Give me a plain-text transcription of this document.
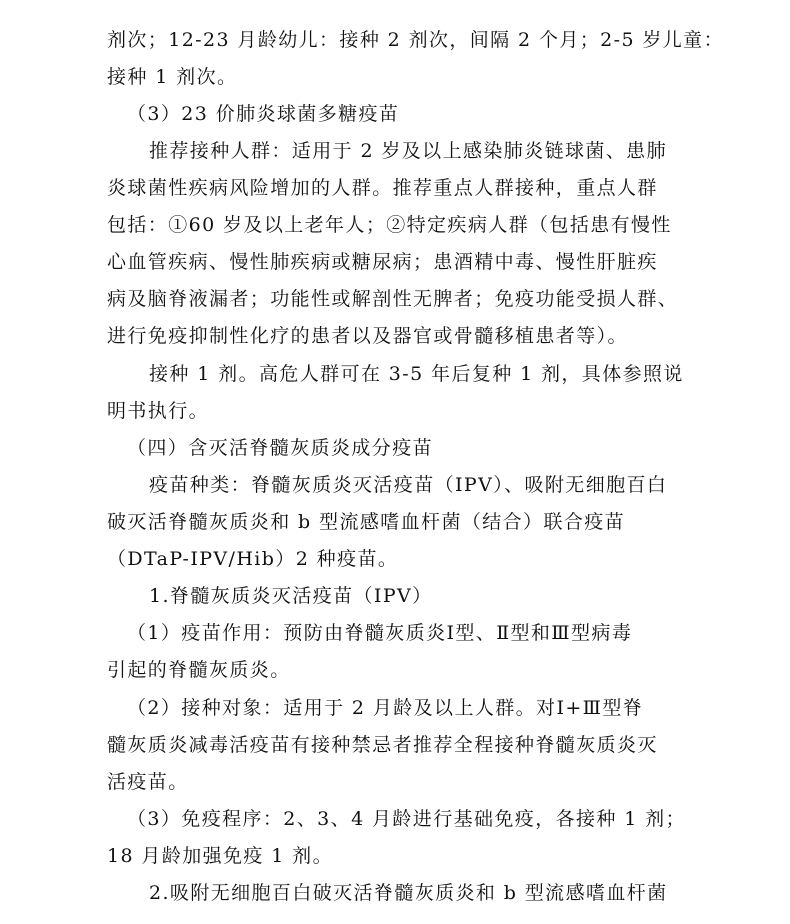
剂次；12-23 月龄幼儿：接种 2 剂次，间隔 2 个月；2-5 岁儿童：
接种 1 剂次。
（3）23 价肺炎球菌多糖疫苗
推荐接种人群：适用于 2 岁及以上感染肺炎链球菌、患肺
炎球菌性疾病风险增加的人群。推荐重点人群接种，重点人群
包括：①60 岁及以上老年人；②特定疾病人群（包括患有慢性
心血管疾病、慢性肺疾病或糖尿病；患酒精中毒、慢性肝脏疾
病及脑脊液漏者；功能性或解剖性无脾者；免疫功能受损人群、
进行免疫抑制性化疗的患者以及器官或骨髓移植患者等）。
接种 1 剂。高危人群可在 3-5 年后复种 1 剂，具体参照说
明书执行。
（四）含灭活脊髓灰质炎成分疫苗
疫苗种类：脊髓灰质炎灭活疫苗（IPV）、吸附无细胞百白
破灭活脊髓灰质炎和 b 型流感嗜血杆菌（结合）联合疫苗
（DTaP-IPV/Hib）2 种疫苗。
1.脊髓灰质炎灭活疫苗（IPV）
（1）疫苗作用：预防由脊髓灰质炎Ⅰ型、Ⅱ型和Ⅲ型病毒
引起的脊髓灰质炎。
（2）接种对象：适用于 2 月龄及以上人群。对Ⅰ+Ⅲ型脊
髓灰质炎减毒活疫苗有接种禁忌者推荐全程接种脊髓灰质炎灭
活疫苗。
（3）免疫程序：2、3、4 月龄进行基础免疫，各接种 1 剂；
18 月龄加强免疫 1 剂。
2.吸附无细胞百白破灭活脊髓灰质炎和 b 型流感嗜血杆菌
